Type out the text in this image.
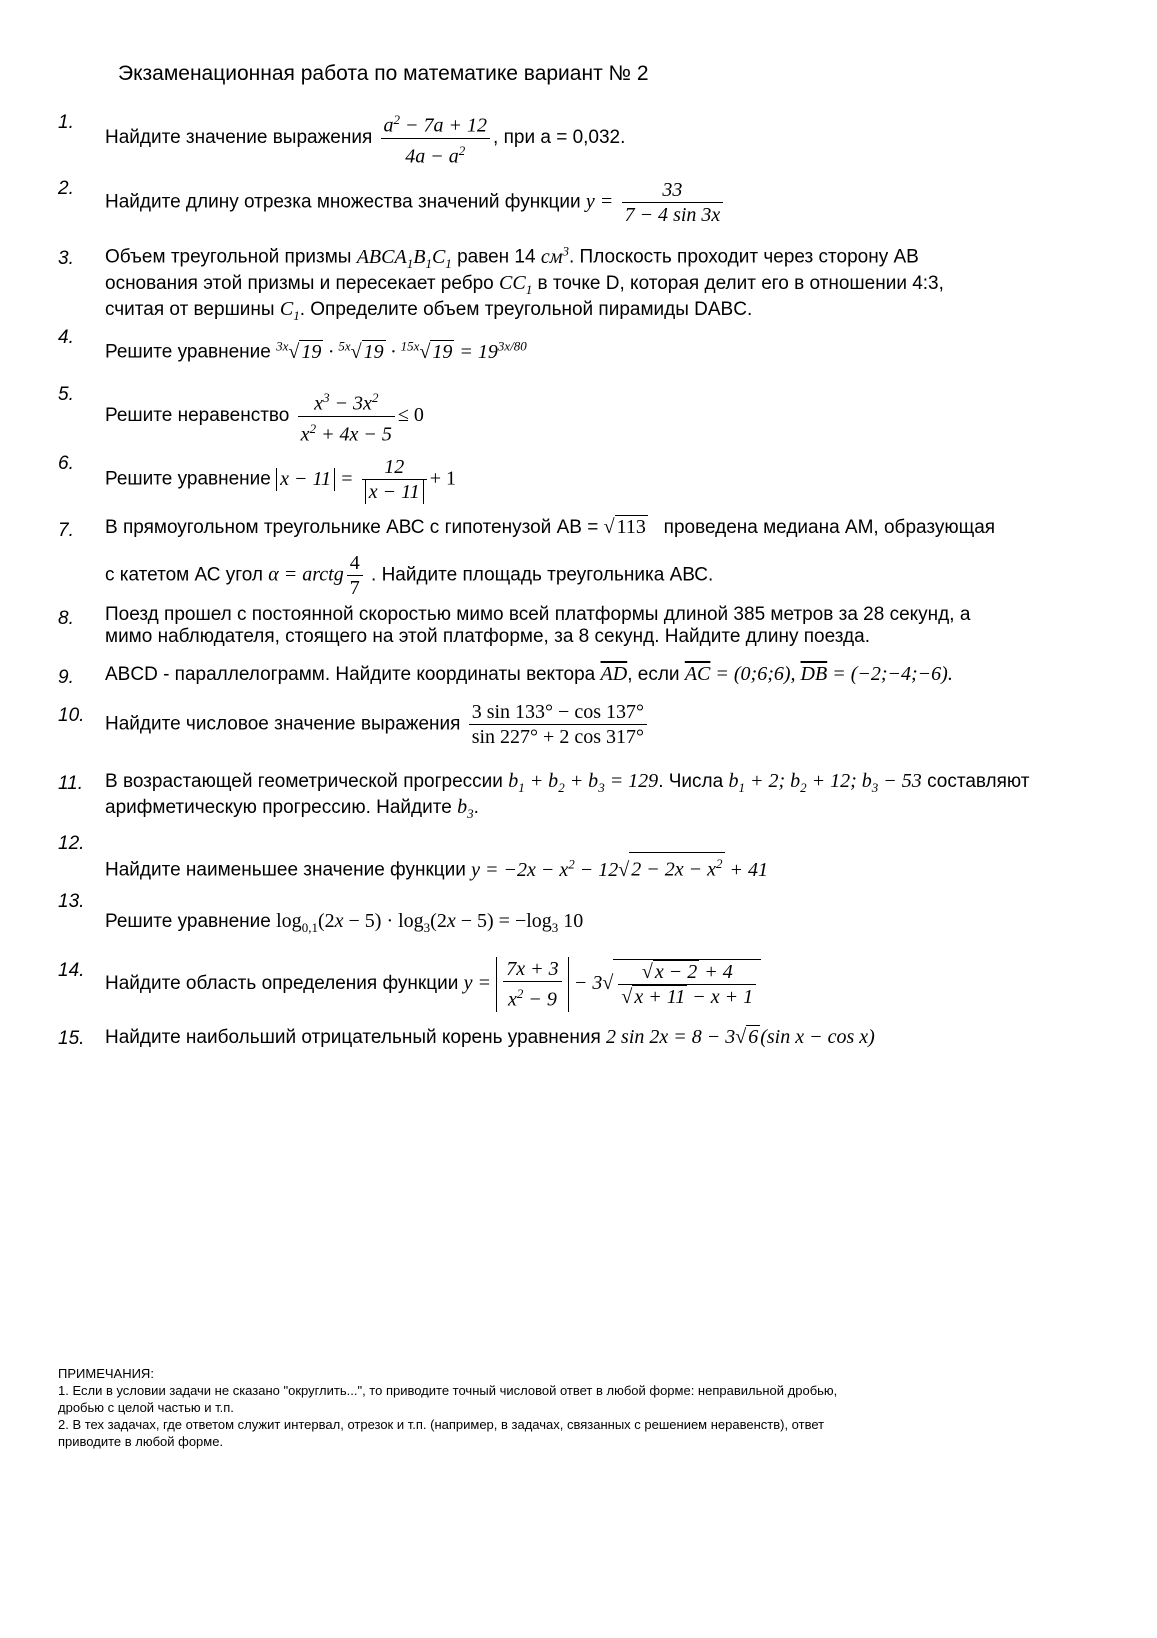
Экзаменационная работа по математике вариант № 2
1.
Найдите значение выражения $\frac{a^2 - 7a + 12}{4a - a^2}$ , при а = 0,032.
2.
Найдите длину отрезка множества значений функции $y = \frac{33}{7 - 4 \sin 3x}$
3. Объем треугольной призмы $ABCA_1B_1C_1$ равен 14 $см^3$. Плоскость проходит через сторону АВ
основания этой призмы и пересекает ребро $CC_1$ в точке D, которая делит его в отношении 4:3,
считая от вершины $C_1$. Определите объем треугольной пирамиды DABC.
4.
Решите уравнение $^{3x}$√ 19 · $^{5x}$√ 19 · $^{15x}$√ $19 = 19^{3x/80}$
5.
Решите неравенство $\frac{x^3 - 3x^2}{x^2 + 4x - 5} \le 0$
6.
Решите уравнение $x - 11 = \frac{12}{x - 11} + 1$
7. В прямоугольном треугольнике АВС с гипотенузой АВ = √ 113 проведена медиана АМ, образующая
с катетом АС угол α = arctg $\frac{4}{7}$ . Найдите площадь треугольника АВС.
8. Поезд прошел с постоянной скоростью мимо всей платформы длиной 385 метров за 28 секунд, а
мимо наблюдателя, стоящего на этой платформе, за 8 секунд. Найдите длину поезда.
9. ABCD - параллелограмм. Найдите координаты вектора $\overline{AD}$, если $\overline{AC}$ = (0;6;6), $\overline{DB}$ = (−2;−4;−6).
10. Найдите числовое значение выражения $\frac{3 \sin 133^\circ - \cos 137^\circ}{\sin 227^\circ + 2 \cos 317^\circ}$
11. В возрастающей геометрической прогрессии $b_1 + b_2 + b_3 = 129$. Числа $b_1 + 2$; $b_2 + 12$; $b_3 - 53$ составляют
арифметическую прогрессию. Найдите $b_3$.
12.
Найдите наименьшее значение функции $y = -2x - x^2 - 12√$ $2 - 2x - x^2 + 41$
13.
Решите уравнение $\log_{0,1}(2x - 5) \cdot \log_3(2x - 5) = -\log_3$ 10
14.
Найдите область определения функции $y = \frac{7x + 3}{x^2 - 9} - 3√ \frac{√ x - 2 + 4}{√ x + 11 - x + 1}$
15. Найдите наибольший отрицательный корень уравнения 2 sin 2x = 8 − 3√ 6 (sin x − cos x)
ПРИМЕЧАНИЯ:
1. Если в условии задачи не сказано "округлить...", то приводите точный числовой ответ в любой форме: неправильной дробью,
дробью с целой частью и т.п.
2. В тех задачах, где ответом служит интервал, отрезок и т.п. (например, в задачах, связанных с решением неравенств), ответ
приводите в любой форме.
